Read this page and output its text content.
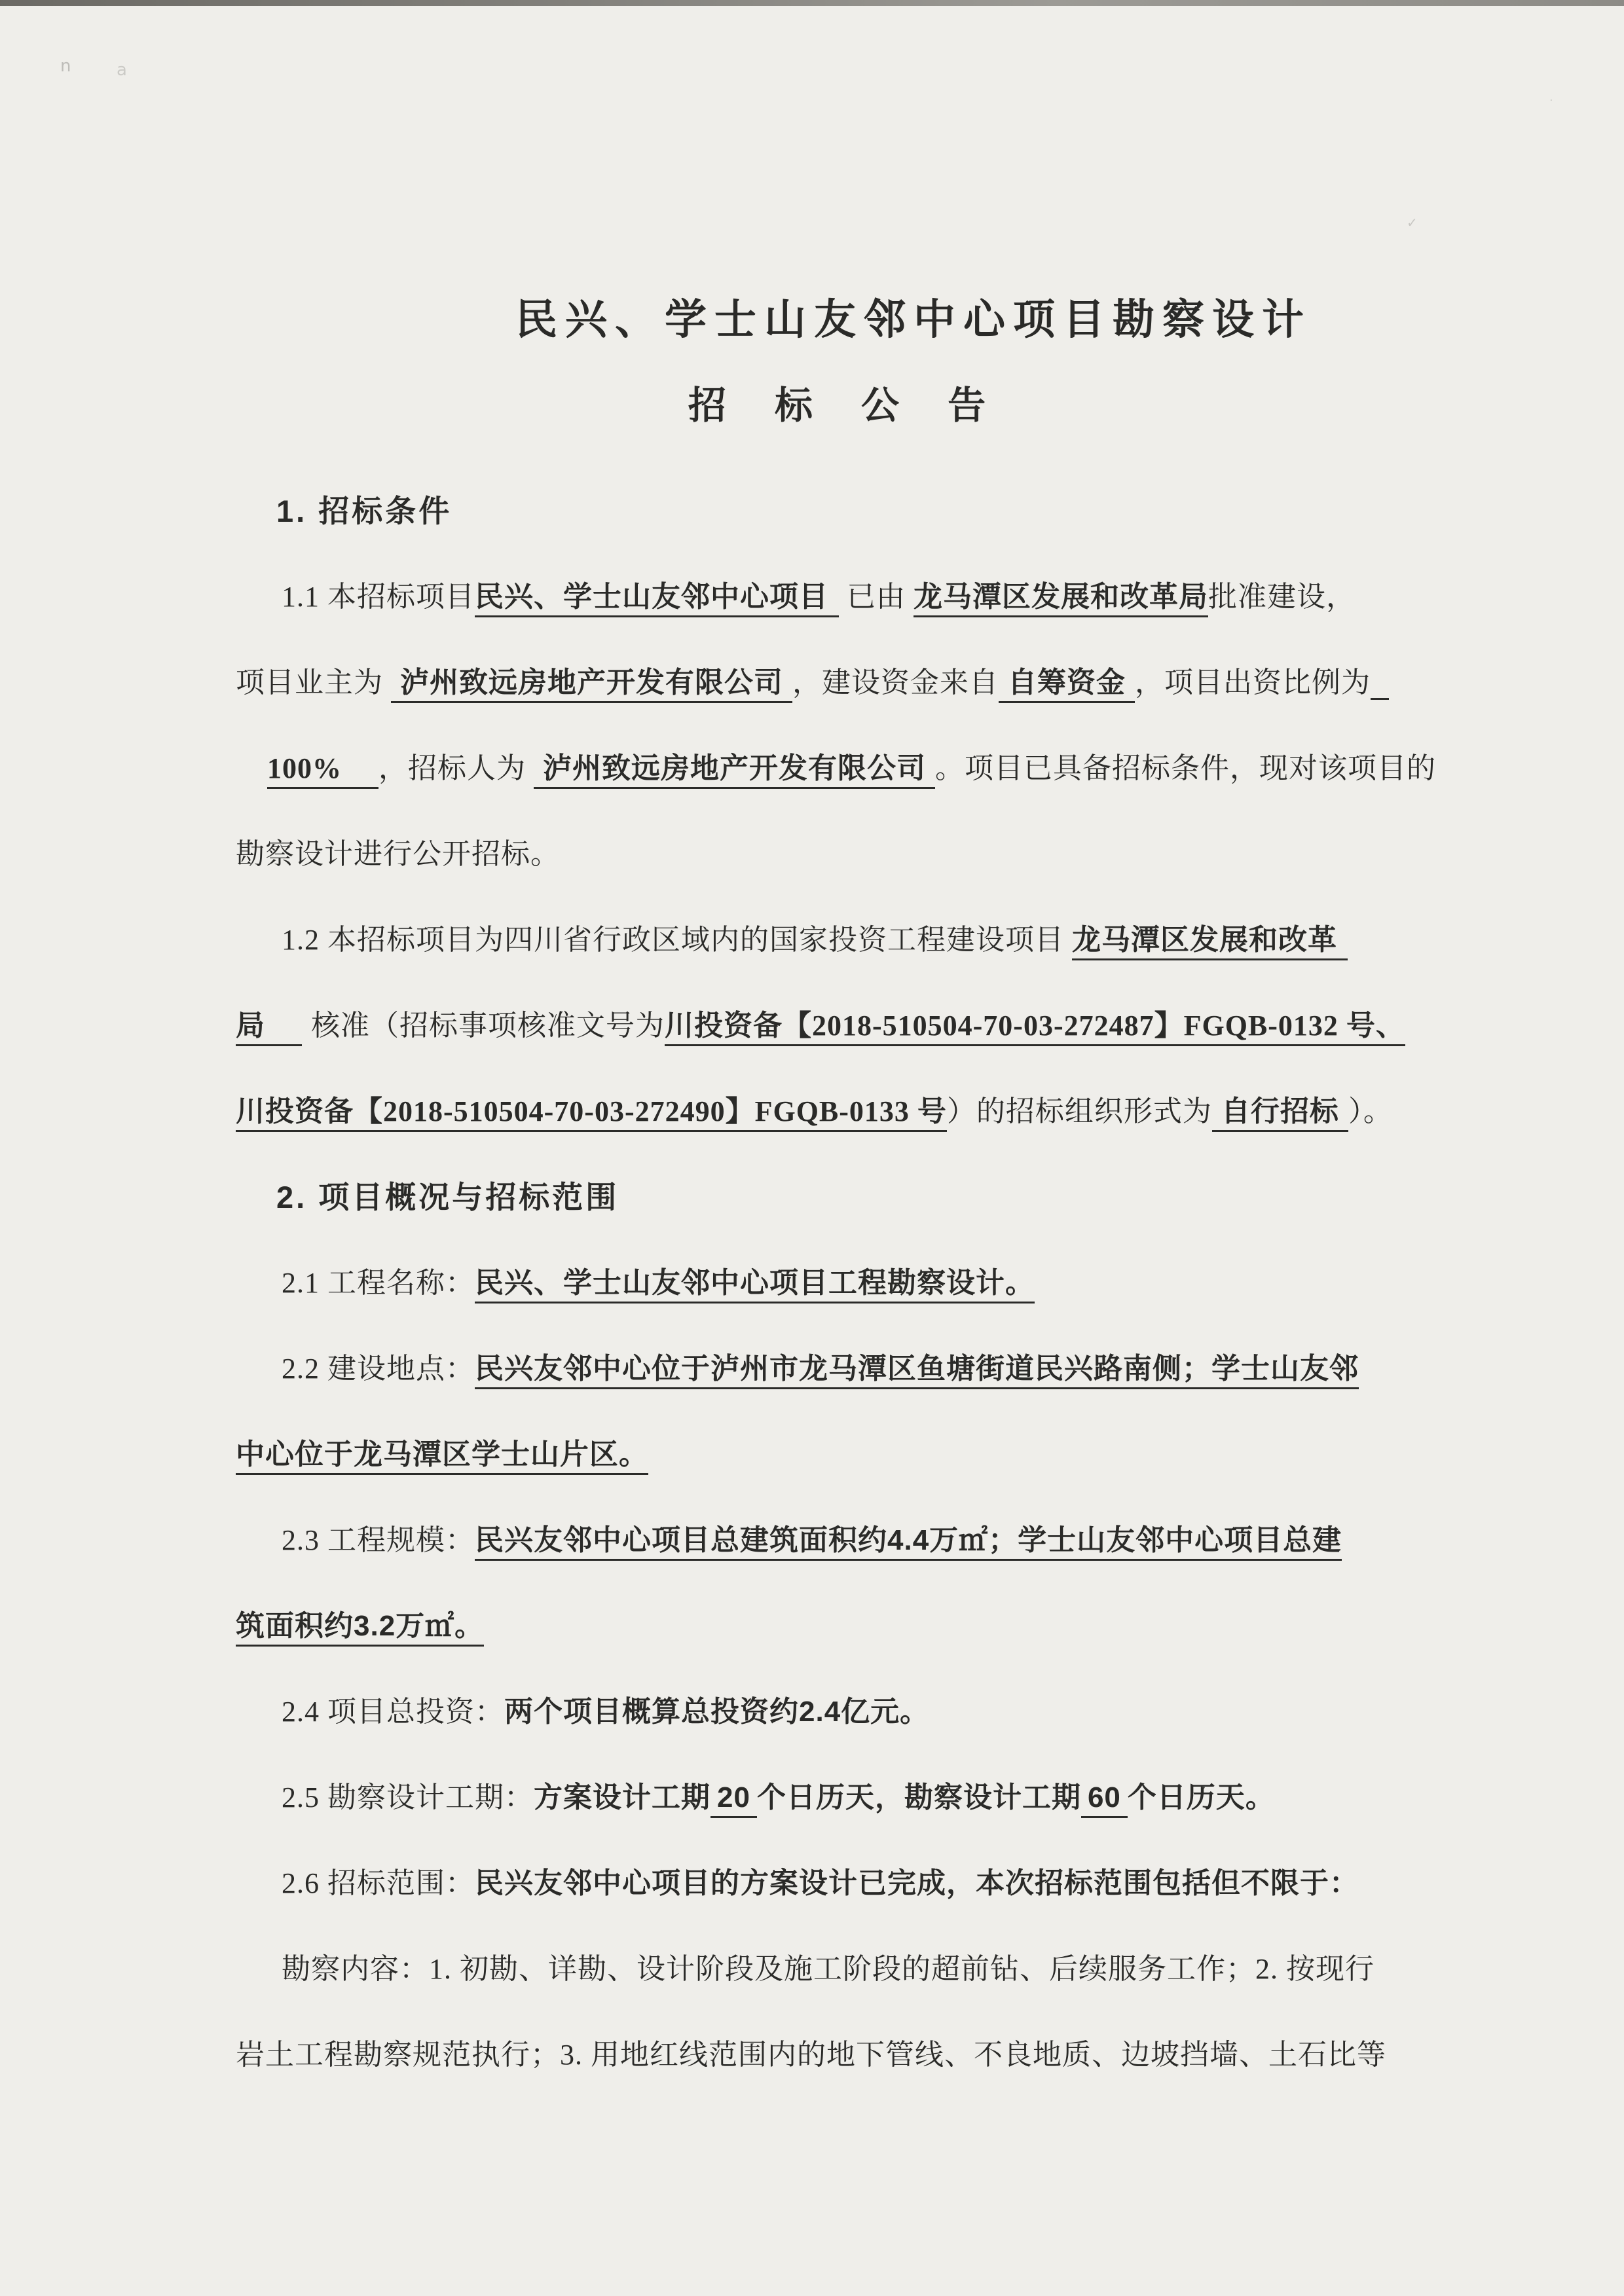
n	a
✓
.
民兴、学士山友邻中心项目勘察设计
招 标 公 告
1. 招标条件
1.1 本招标项目民兴、学士山友邻中心项目 已由 龙马潭区发展和改革局批准建设，
项目业主为 泸州致远房地产开发有限公司 ，建设资金来自 自筹资金 ，项目出资比例为
100% ，招标人为 泸州致远房地产开发有限公司 。项目已具备招标条件，现对该项目的
勘察设计进行公开招标。
1.2 本招标项目为四川省行政区域内的国家投资工程建设项目 龙马潭区发展和改革
局 核准（招标事项核准文号为川投资备【2018-510504-70-03-272487】FGQB-0132 号、
川投资备【2018-510504-70-03-272490】FGQB-0133 号）的招标组织形式为 自行招标 ）。
2. 项目概况与招标范围
2.1 工程名称：民兴、学士山友邻中心项目工程勘察设计。
2.2 建设地点：民兴友邻中心位于泸州市龙马潭区鱼塘街道民兴路南侧；学士山友邻
中心位于龙马潭区学士山片区。
2.3 工程规模：民兴友邻中心项目总建筑面积约4.4万㎡；学士山友邻中心项目总建
筑面积约3.2万㎡。
2.4 项目总投资：两个项目概算总投资约2.4亿元。
2.5 勘察设计工期：方案设计工期 20 个日历天，勘察设计工期 60 个日历天。
2.6 招标范围：民兴友邻中心项目的方案设计已完成，本次招标范围包括但不限于：
勘察内容：1. 初勘、详勘、设计阶段及施工阶段的超前钻、后续服务工作；2. 按现行
岩土工程勘察规范执行；3. 用地红线范围内的地下管线、不良地质、边坡挡墙、土石比等
